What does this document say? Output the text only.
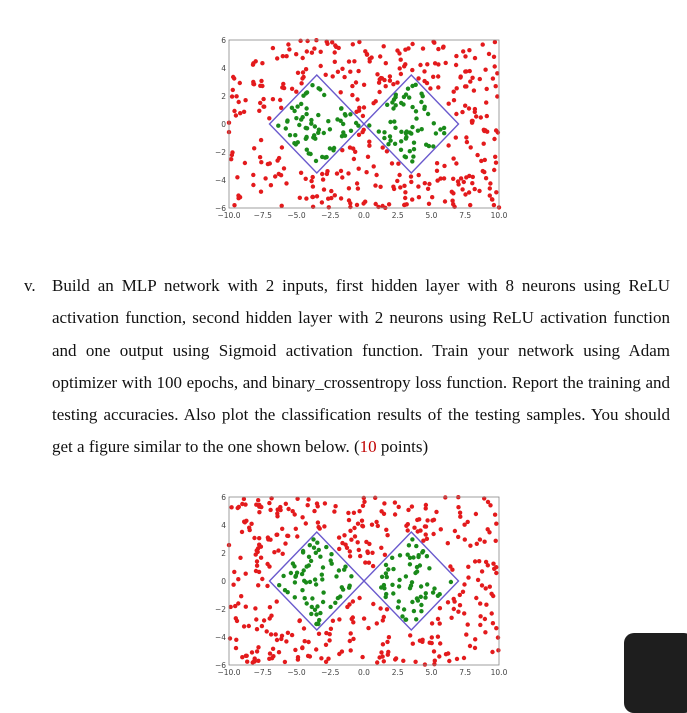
−10.0 −7.5 −5.0 −2.5 0.0	2.5	5.0	7.5	10.0
6
4
2
0
−2
−4
−6
v. Build an MLP network with 2 inputs, first hidden layer with 8 neurons using ReLU activation function, second hidden layer with 2 neurons using ReLU activation function and one output using Sigmoid activation function. Train your network using Adam optimizer with 100 epochs, and binary_crossentropy loss function. Report the training and testing accuracies. Also plot the classification results of the testing samples. You should get a figure similar to the one shown below. (10 points)
−10.0 −7.5 −5.0 −2.5 0.0	2.5	5.0	7.5	10.0
6
4
2
0
−2
−4
−6
